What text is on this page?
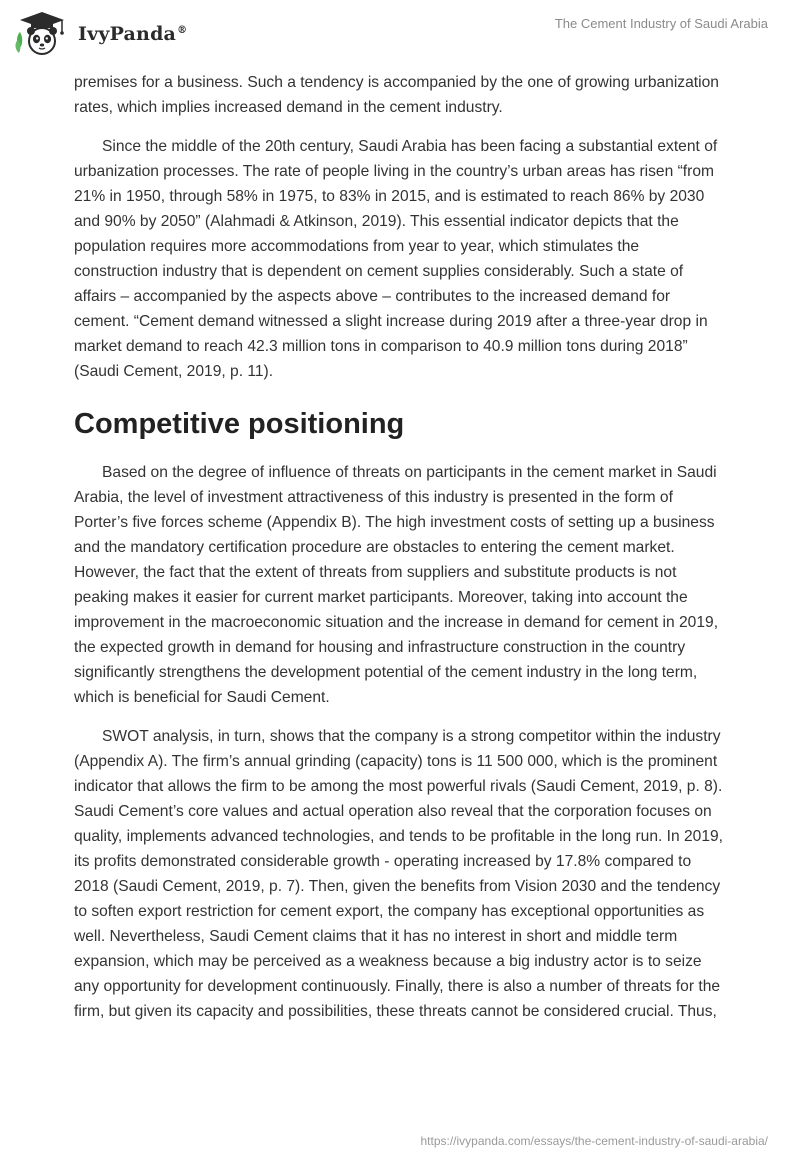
IvyPanda®	The Cement Industry of Saudi Arabia

premises for a business. Such a tendency is accompanied by the one of growing urbanization rates, which implies increased demand in the cement industry.

Since the middle of the 20th century, Saudi Arabia has been facing a substantial extent of urbanization processes. The rate of people living in the country’s urban areas has risen “from 21% in 1950, through 58% in 1975, to 83% in 2015, and is estimated to reach 86% by 2030 and 90% by 2050” (Alahmadi & Atkinson, 2019). This essential indicator depicts that the population requires more accommodations from year to year, which stimulates the construction industry that is dependent on cement supplies considerably. Such a state of affairs – accompanied by the aspects above – contributes to the increased demand for cement. “Cement demand witnessed a slight increase during 2019 after a three-year drop in market demand to reach 42.3 million tons in comparison to 40.9 million tons during 2018” (Saudi Cement, 2019, p. 11).

Competitive positioning

Based on the degree of influence of threats on participants in the cement market in Saudi Arabia, the level of investment attractiveness of this industry is presented in the form of Porter’s five forces scheme (Appendix B). The high investment costs of setting up a business and the mandatory certification procedure are obstacles to entering the cement market. However, the fact that the extent of threats from suppliers and substitute products is not peaking makes it easier for current market participants. Moreover, taking into account the improvement in the macroeconomic situation and the increase in demand for cement in 2019, the expected growth in demand for housing and infrastructure construction in the country significantly strengthens the development potential of the cement industry in the long term, which is beneficial for Saudi Cement.

SWOT analysis, in turn, shows that the company is a strong competitor within the industry (Appendix A). The firm’s annual grinding (capacity) tons is 11 500 000, which is the prominent indicator that allows the firm to be among the most powerful rivals (Saudi Cement, 2019, p. 8). Saudi Cement’s core values and actual operation also reveal that the corporation focuses on quality, implements advanced technologies, and tends to be profitable in the long run. In 2019, its profits demonstrated considerable growth - operating increased by 17.8% compared to 2018 (Saudi Cement, 2019, p. 7). Then, given the benefits from Vision 2030 and the tendency to soften export restriction for cement export, the company has exceptional opportunities as well. Nevertheless, Saudi Cement claims that it has no interest in short and middle term expansion, which may be perceived as a weakness because a big industry actor is to seize any opportunity for development continuously. Finally, there is also a number of threats for the firm, but given its capacity and possibilities, these threats cannot be considered crucial. Thus,

https://ivypanda.com/essays/the-cement-industry-of-saudi-arabia/
